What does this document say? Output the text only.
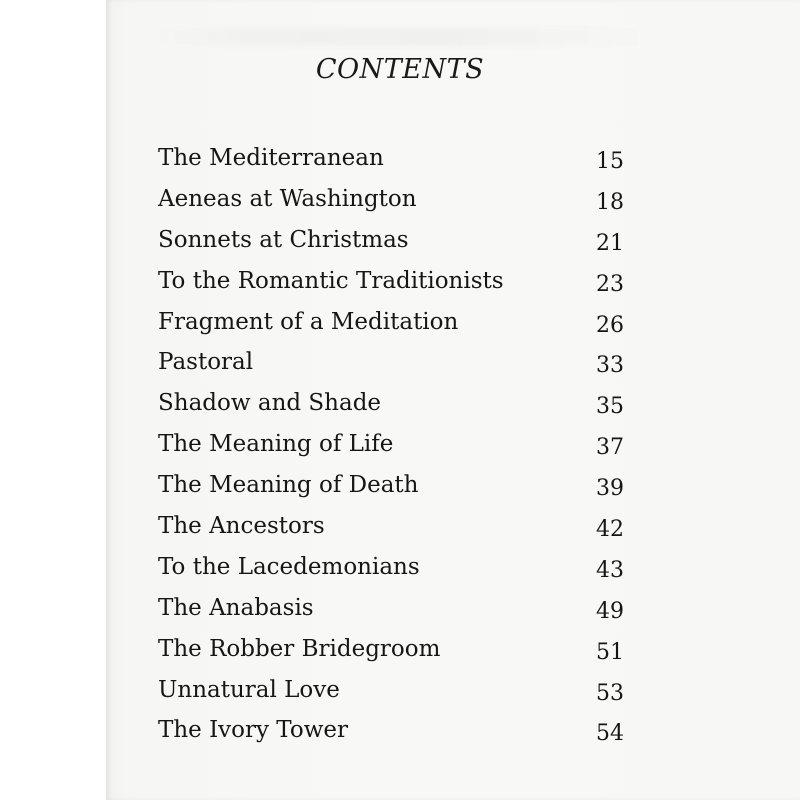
CONTENTS
The Mediterranean	15
Aeneas at Washington	18
Sonnets at Christmas	21
To the Romantic Traditionists	23
Fragment of a Meditation	26
Pastoral	33
Shadow and Shade	35
The Meaning of Life	37
The Meaning of Death	39
The Ancestors	42
To the Lacedemonians	43
The Anabasis	49
The Robber Bridegroom	51
Unnatural Love	53
The Ivory Tower	54
